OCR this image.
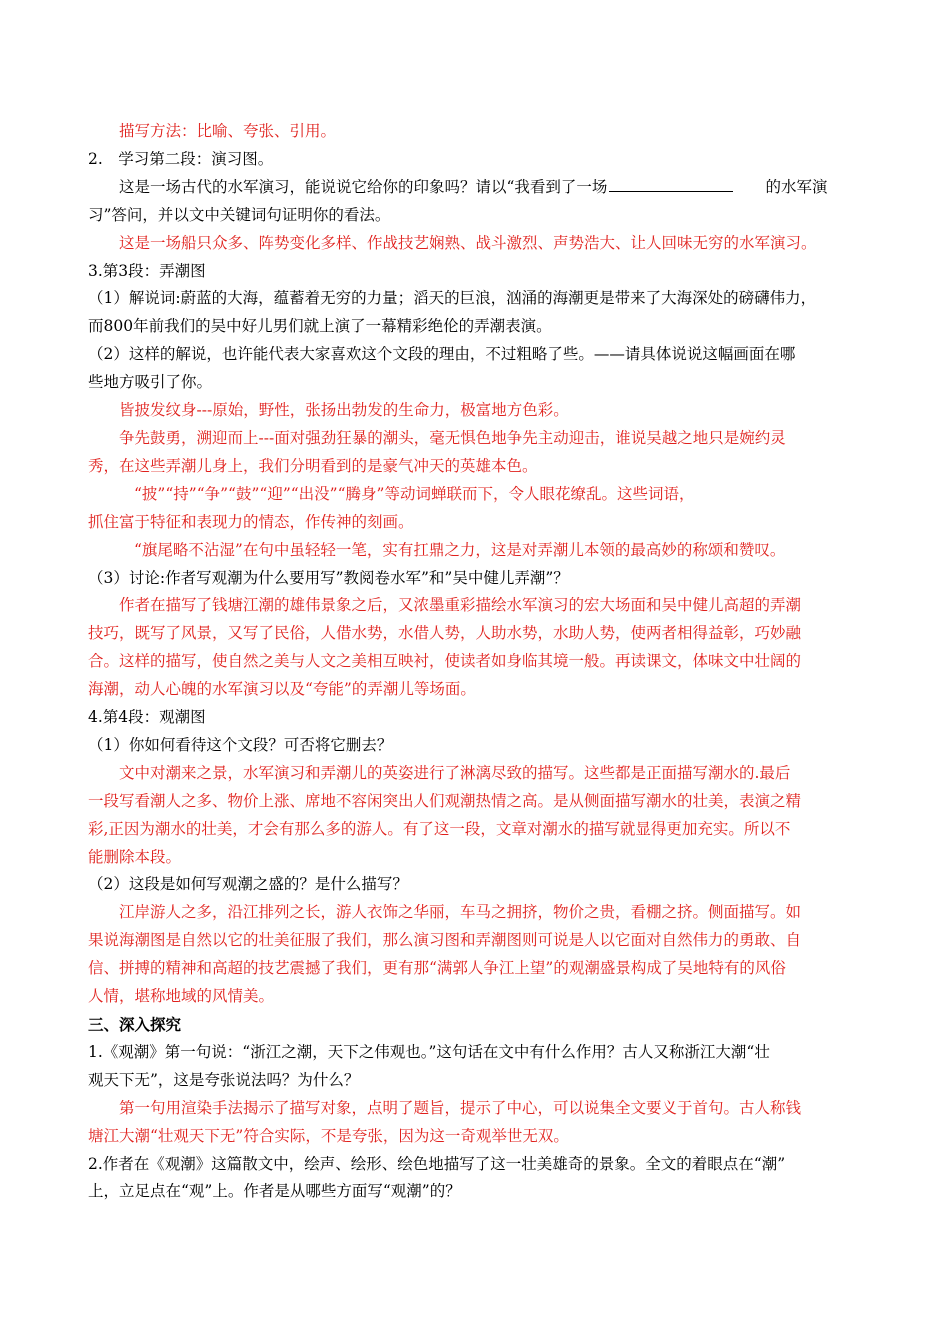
描写方法：比喻、夸张、引用。

2.　学习第二段：演习图。

这是一场古代的水军演习，能说说它给你的印象吗？请以“我看到了一场	的水军演

习”答问，并以文中关键词句证明你的看法。

这是一场船只众多、阵势变化多样、作战技艺娴熟、战斗激烈、声势浩大、让人回味无穷的水军演习。

3.第3段：弄潮图

（1）解说词:蔚蓝的大海，蕴蓄着无穷的力量；滔天的巨浪，汹涌的海潮更是带来了大海深处的磅礴伟力，

而800年前我们的吴中好儿男们就上演了一幕精彩绝伦的弄潮表演。

（2）这样的解说，也许能代表大家喜欢这个文段的理由，不过粗略了些。——请具体说说这幅画面在哪

些地方吸引了你。

皆披发纹身---原始，野性，张扬出勃发的生命力，极富地方色彩。

争先鼓勇，溯迎而上---面对强劲狂暴的潮头，毫无惧色地争先主动迎击，谁说吴越之地只是婉约灵

秀，在这些弄潮儿身上，我们分明看到的是豪气冲天的英雄本色。

“披”“持”“争”“鼓”“迎”“出没”“腾身”等动词蝉联而下，令人眼花缭乱。这些词语，

抓住富于特征和表现力的情态，作传神的刻画。

“旗尾略不沾湿”在句中虽轻轻一笔，实有扛鼎之力，这是对弄潮儿本领的最高妙的称颂和赞叹。

（3）讨论:作者写观潮为什么要用写”教阅卷水军”和”吴中健儿弄潮”？

作者在描写了钱塘江潮的雄伟景象之后，又浓墨重彩描绘水军演习的宏大场面和吴中健儿高超的弄潮

技巧，既写了风景，又写了民俗，人借水势，水借人势，人助水势，水助人势，使两者相得益彰，巧妙融

合。这样的描写，使自然之美与人文之美相互映衬，使读者如身临其境一般。再读课文，体味文中壮阔的

海潮，动人心魄的水军演习以及“夸能”的弄潮儿等场面。

4.第4段：观潮图

（1）你如何看待这个文段？可否将它删去？

文中对潮来之景，水军演习和弄潮儿的英姿进行了淋漓尽致的描写。这些都是正面描写潮水的.最后

一段写看潮人之多、物价上涨、席地不容闲突出人们观潮热情之高。是从侧面描写潮水的壮美，表演之精

彩,正因为潮水的壮美，才会有那么多的游人。有了这一段，文章对潮水的描写就显得更加充实。所以不

能删除本段。

（2）这段是如何写观潮之盛的？是什么描写？

江岸游人之多，沿江排列之长，游人衣饰之华丽，车马之拥挤，物价之贵，看棚之挤。侧面描写。如

果说海潮图是自然以它的壮美征服了我们，那么演习图和弄潮图则可说是人以它面对自然伟力的勇敢、自

信、拼搏的精神和高超的技艺震撼了我们，更有那“满郭人争江上望”的观潮盛景构成了吴地特有的风俗

人情，堪称地域的风情美。

三、深入探究

1.《观潮》第一句说：“浙江之潮，天下之伟观也。”这句话在文中有什么作用？古人又称浙江大潮“壮

观天下无”，这是夸张说法吗？为什么？

第一句用渲染手法揭示了描写对象，点明了题旨，提示了中心，可以说集全文要义于首句。古人称钱

塘江大潮“壮观天下无”符合实际，不是夸张，因为这一奇观举世无双。

2.作者在《观潮》这篇散文中，绘声、绘形、绘色地描写了这一壮美雄奇的景象。全文的着眼点在“潮”

上，立足点在“观”上。作者是从哪些方面写“观潮”的？
